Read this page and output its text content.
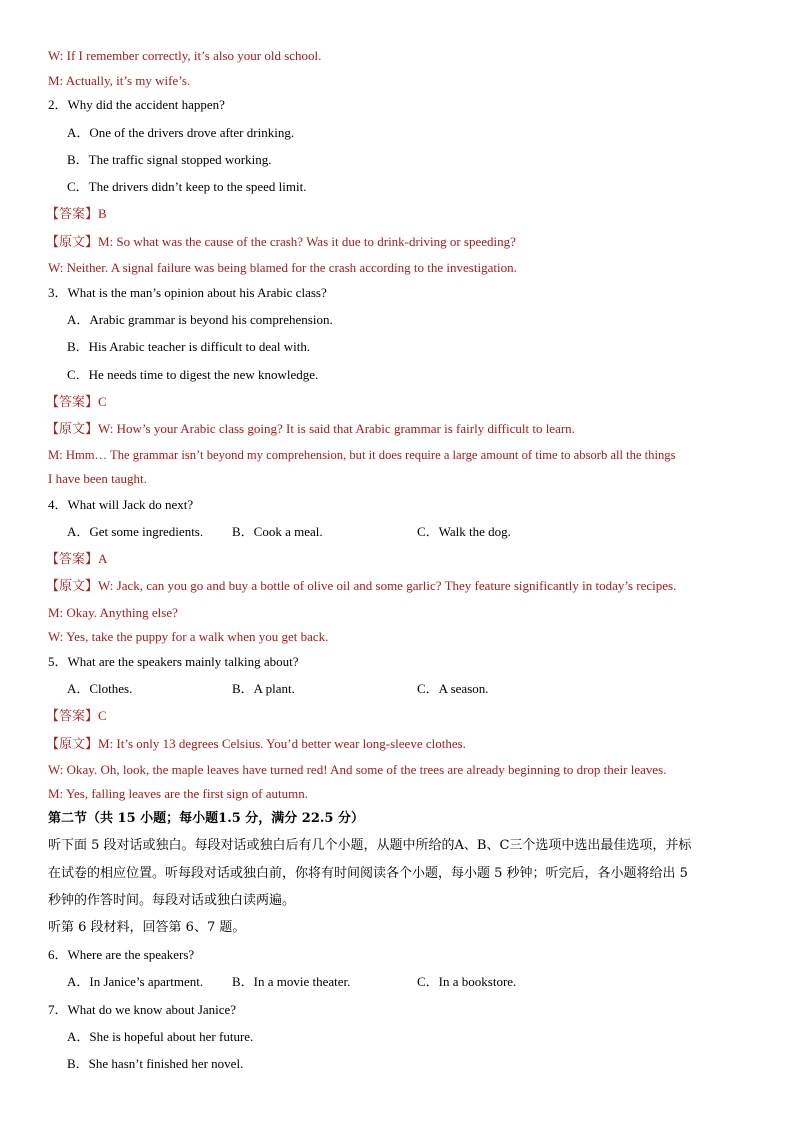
W: If I remember correctly, it’s also your old school.
M: Actually, it’s my wife’s.
2．Why did the accident happen?
A．One of the drivers drove after drinking.
B．The traffic signal stopped working.
C．The drivers didn’t keep to the speed limit.
【答案】B
【原文】M: So what was the cause of the crash? Was it due to drink-driving or speeding?
W: Neither. A signal failure was being blamed for the crash according to the investigation.
3．What is the man’s opinion about his Arabic class?
A．Arabic grammar is beyond his comprehension.
B．His Arabic teacher is difficult to deal with.
C．He needs time to digest the new knowledge.
【答案】C
【原文】W: How’s your Arabic class going? It is said that Arabic grammar is fairly difficult to learn.
M: Hmm… The grammar isn’t beyond my comprehension, but it does require a large amount of time to absorb all the things
I have been taught.
4．What will Jack do next?
A．Get some ingredients. B．Cook a meal.	C．Walk the dog.
【答案】A
【原文】W: Jack, can you go and buy a bottle of olive oil and some garlic? They feature significantly in today’s recipes.
M: Okay. Anything else?
W: Yes, take the puppy for a walk when you get back.
5．What are the speakers mainly talking about?
A．Clothes.	B．A plant.	C．A season.
【答案】C
【原文】M: It’s only 13 degrees Celsius. You’d better wear long-sleeve clothes.
W: Okay. Oh, look, the maple leaves have turned red! And some of the trees are already beginning to drop their leaves.
M: Yes, falling leaves are the first sign of autumn.
第二节（共 15 小题；每小题1.5 分，满分 22.5 分）
听下面 5 段对话或独白。每段对话或独白后有几个小题，从题中所给的A、B、C三个选项中选出最佳选项，并标
在试卷的相应位置。听每段对话或独白前，你将有时间阅读各个小题，每小题 5 秒钟；听完后，各小题将给出 5
秒钟的作答时间。每段对话或独白读两遍。
听第 6 段材料，回答第 6、7 题。
6．Where are the speakers?
A．In Janice’s apartment. B．In a movie theater.	C．In a bookstore.
7．What do we know about Janice?
A．She is hopeful about her future.
B．She hasn’t finished her novel.
